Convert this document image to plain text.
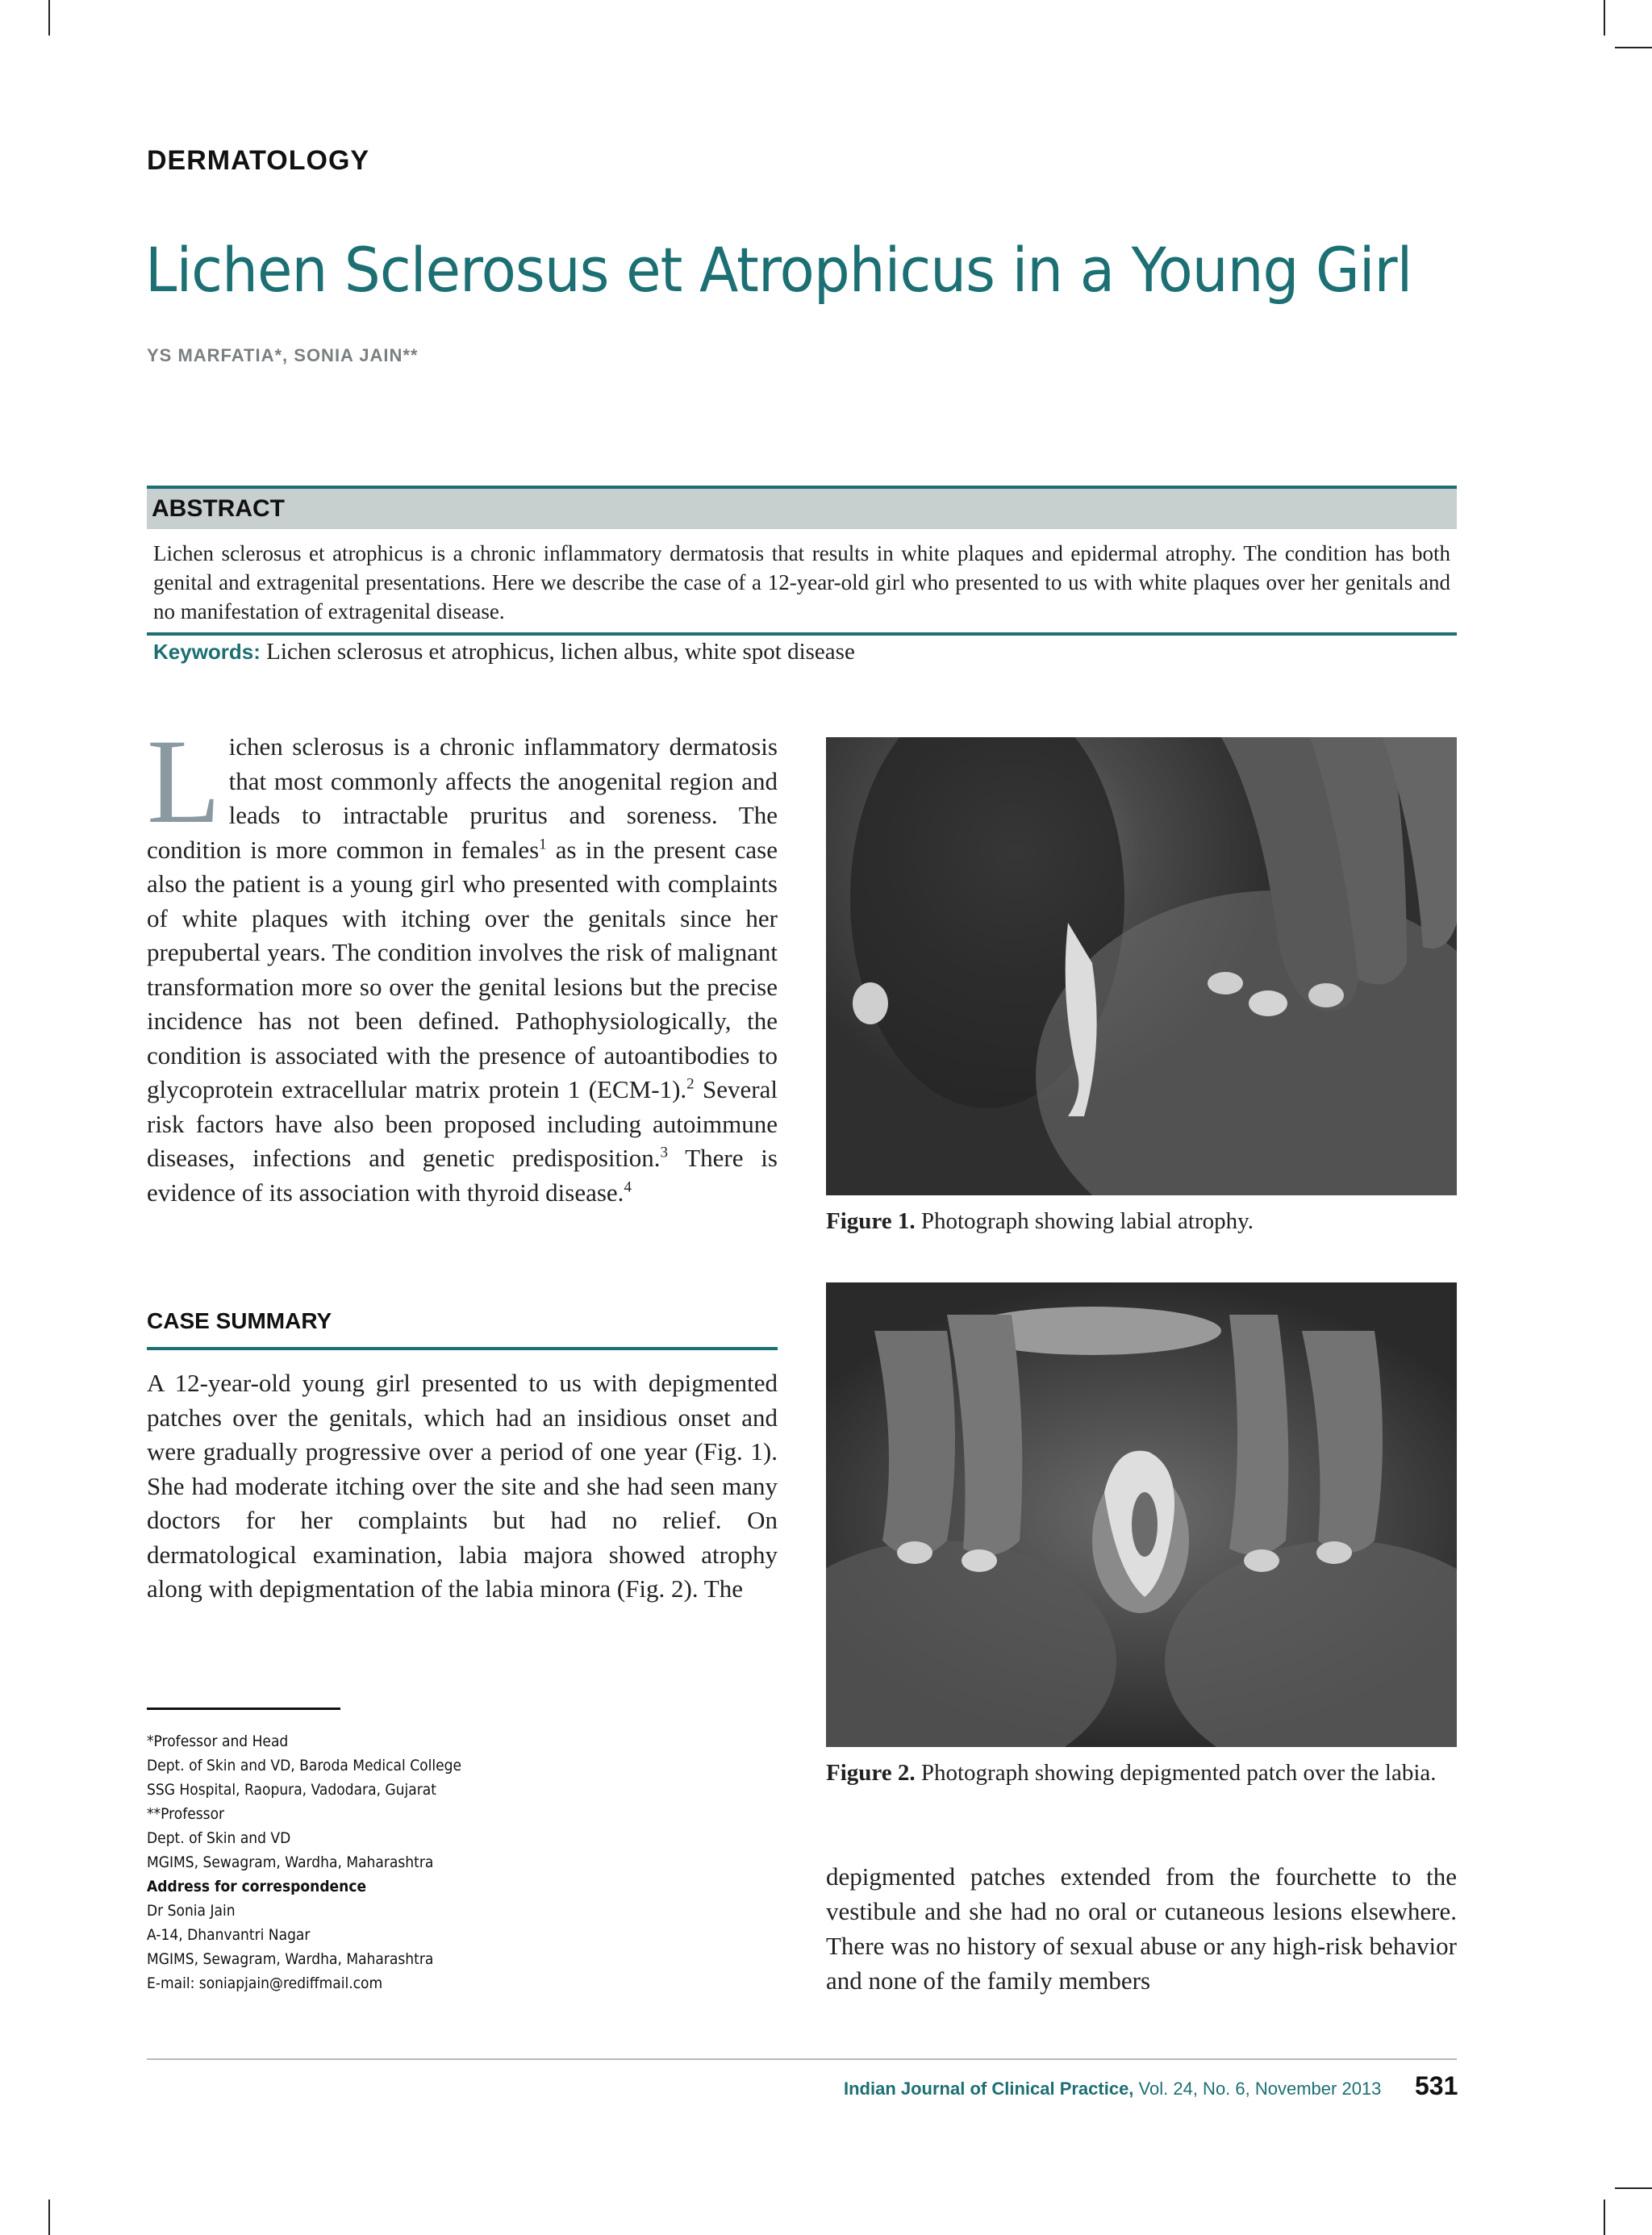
DERMATOLOGY
Lichen Sclerosus et Atrophicus in a Young Girl
YS MARFATIA*, SONIA JAIN**
ABSTRACT
Lichen sclerosus et atrophicus is a chronic inflammatory dermatosis that results in white plaques and epidermal atrophy. The condition has both genital and extragenital presentations. Here we describe the case of a 12-year-old girl who presented to us with white plaques over her genitals and no manifestation of extragenital disease.
Keywords: Lichen sclerosus et atrophicus, lichen albus, white spot disease
Lichen sclerosus is a chronic inflammatory dermatosis that most commonly affects the anogenital region and leads to intractable pruritus and soreness. The condition is more common in females$^1$ as in the present case also the patient is a young girl who presented with complaints of white plaques with itching over the genitals since her prepubertal years. The condition involves the risk of malignant transformation more so over the genital lesions but the precise incidence has not been defined. Pathophysiologically, the condition is associated with the presence of autoantibodies to glycoprotein extracellular matrix protein 1 (ECM-1).$^2$ Several risk factors have also been proposed including autoimmune diseases, infections and genetic predisposition.$^3$ There is evidence of its association with thyroid disease.$^4$
CASE SUMMARY
A 12-year-old young girl presented to us with depigmented patches over the genitals, which had an insidious onset and were gradually progressive over a period of one year (Fig. 1). She had moderate itching over the site and she had seen many doctors for her complaints but had no relief. On dermatological examination, labia majora showed atrophy along with depigmentation of the labia minora (Fig. 2). The
*Professor and Head
Dept. of Skin and VD, Baroda Medical College
SSG Hospital, Raopura, Vadodara, Gujarat
**Professor
Dept. of Skin and VD
MGIMS, Sewagram, Wardha, Maharashtra
Address for correspondence
Dr Sonia Jain
A-14, Dhanvantri Nagar
MGIMS, Sewagram, Wardha, Maharashtra
E-mail: soniapjain@rediffmail.com
Figure 1. Photograph showing labial atrophy.
Figure 2. Photograph showing depigmented patch over the labia.
depigmented patches extended from the fourchette to the vestibule and she had no oral or cutaneous lesions elsewhere. There was no history of sexual abuse or any high-risk behavior and none of the family members
Indian Journal of Clinical Practice, Vol. 24, No. 6, November 2013 531
